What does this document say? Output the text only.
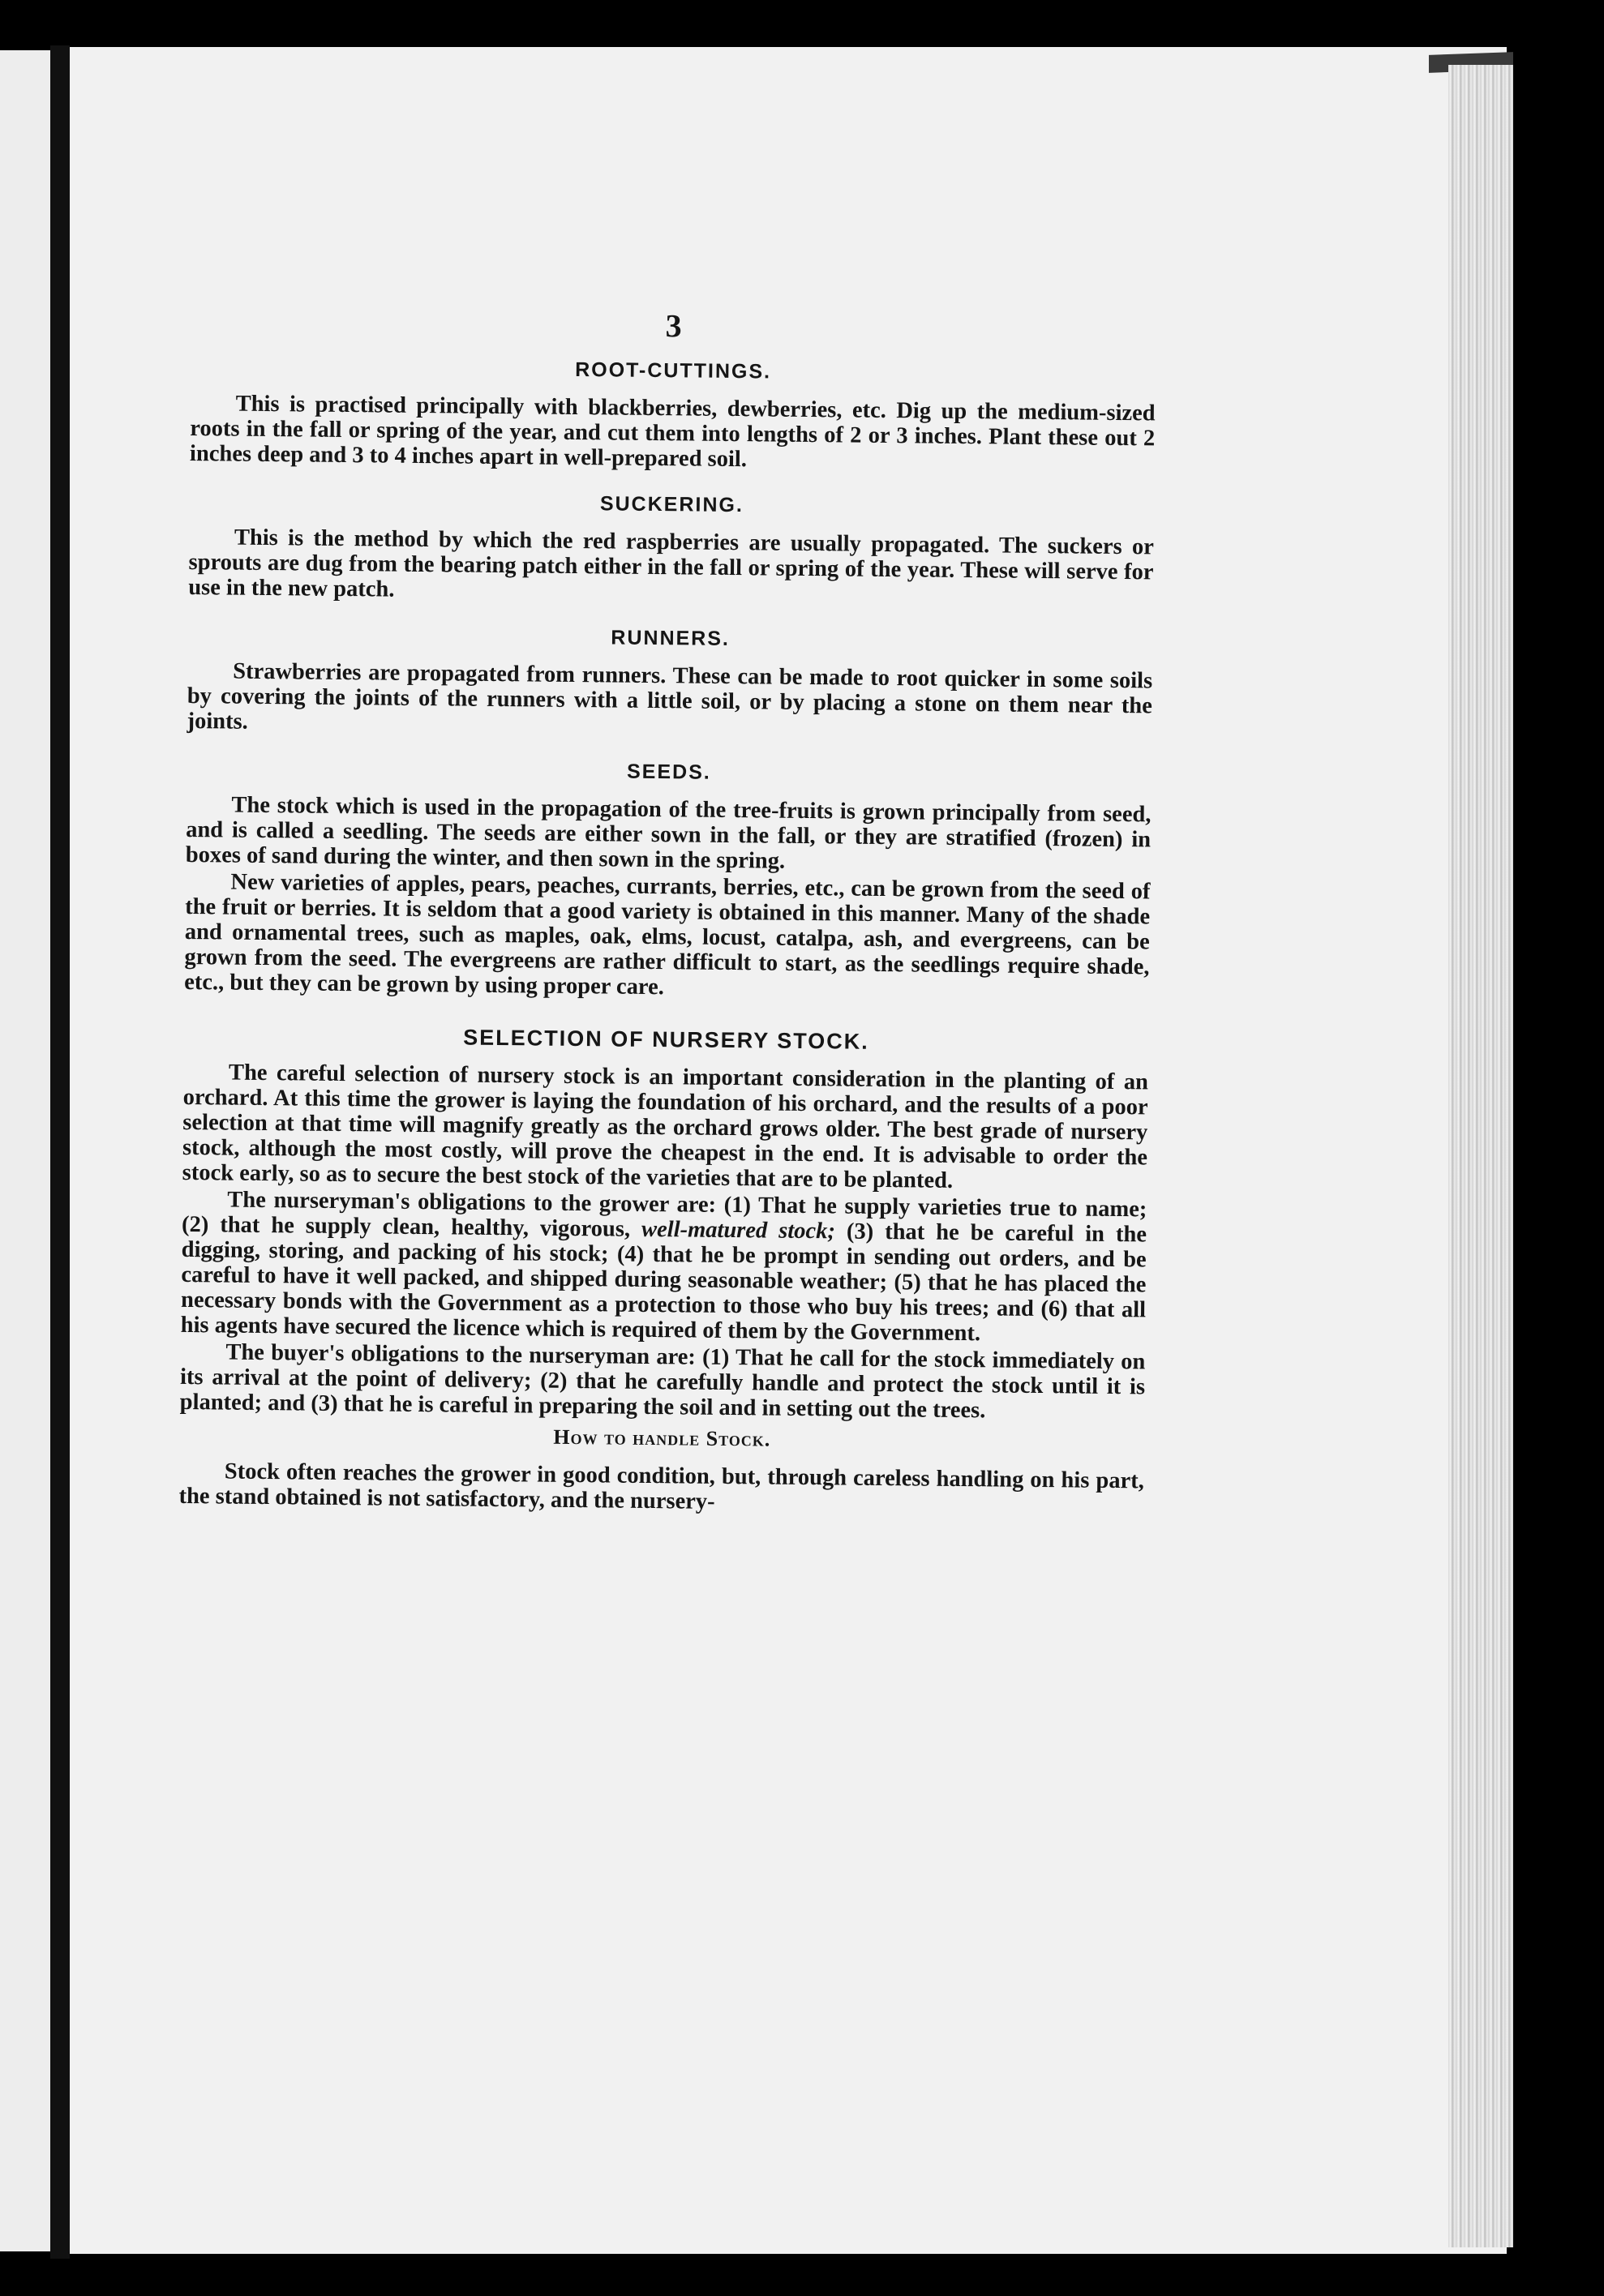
3
ROOT-CUTTINGS.

This is practised principally with blackberries, dewberries, etc. Dig up the medium-sized roots in the fall or spring of the year, and cut them into lengths of 2 or 3 inches. Plant these out 2 inches deep and 3 to 4 inches apart in well-prepared soil.

SUCKERING.

This is the method by which the red raspberries are usually propagated. The suckers or sprouts are dug from the bearing patch either in the fall or spring of the year. These will serve for use in the new patch.

RUNNERS.

Strawberries are propagated from runners. These can be made to root quicker in some soils by covering the joints of the runners with a little soil, or by placing a stone on them near the joints.

SEEDS.

The stock which is used in the propagation of the tree-fruits is grown principally from seed, and is called a seedling. The seeds are either sown in the fall, or they are stratified (frozen) in boxes of sand during the winter, and then sown in the spring.

New varieties of apples, pears, peaches, currants, berries, etc., can be grown from the seed of the fruit or berries. It is seldom that a good variety is obtained in this manner. Many of the shade and ornamental trees, such as maples, oak, elms, locust, catalpa, ash, and evergreens, can be grown from the seed. The evergreens are rather difficult to start, as the seedlings require shade, etc., but they can be grown by using proper care.

SELECTION OF NURSERY STOCK.

The careful selection of nursery stock is an important consideration in the planting of an orchard. At this time the grower is laying the foundation of his orchard, and the results of a poor selection at that time will magnify greatly as the orchard grows older. The best grade of nursery stock, although the most costly, will prove the cheapest in the end. It is advisable to order the stock early, so as to secure the best stock of the varieties that are to be planted.

The nurseryman's obligations to the grower are: (1) That he supply varieties true to name; (2) that he supply clean, healthy, vigorous, well-matured stock; (3) that he be careful in the digging, storing, and packing of his stock; (4) that he be prompt in sending out orders, and be careful to have it well packed, and shipped during seasonable weather; (5) that he has placed the necessary bonds with the Government as a protection to those who buy his trees; and (6) that all his agents have secured the licence which is required of them by the Government.

The buyer's obligations to the nurseryman are: (1) That he call for the stock immediately on its arrival at the point of delivery; (2) that he carefully handle and protect the stock until it is planted; and (3) that he is careful in preparing the soil and in setting out the trees.

How to handle Stock.

Stock often reaches the grower in good condition, but, through careless handling on his part, the stand obtained is not satisfactory, and the nursery-
